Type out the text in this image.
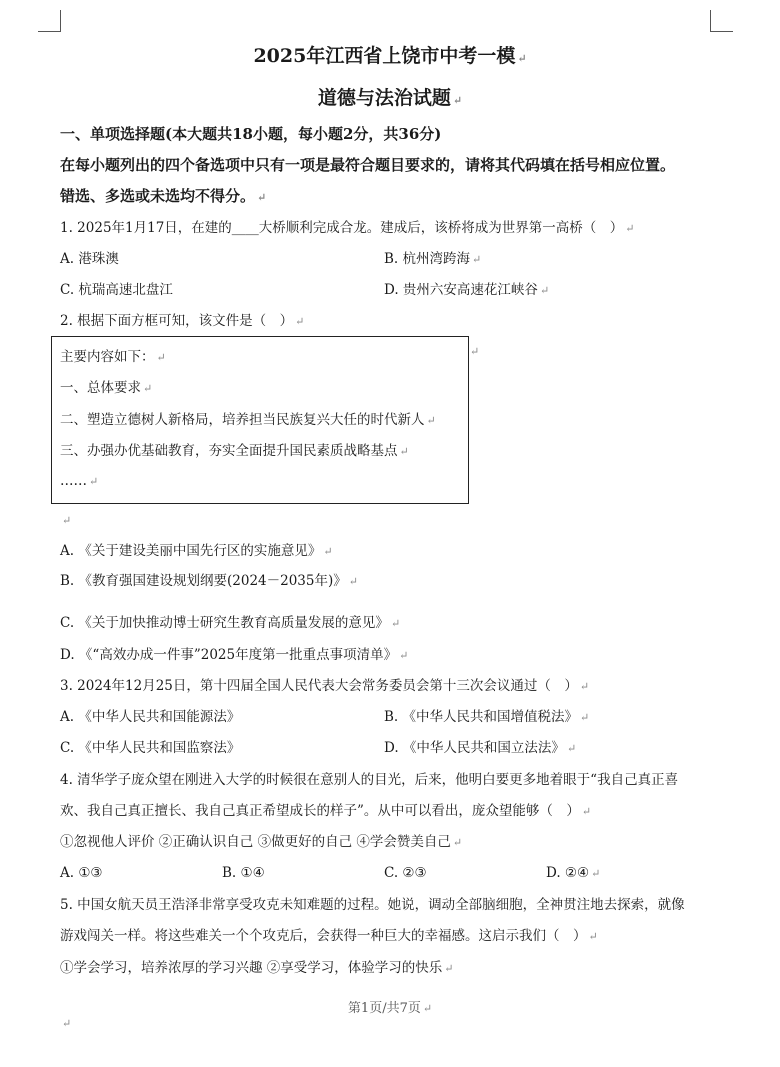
2025年江西省上饶市中考一模 ↵
道德与法治试题 ↵
一、单项选择题(本大题共18小题，每小题2分，共36分)
在每小题列出的四个备选项中只有一项是最符合题目要求的，请将其代码填在括号相应位置。
错选、多选或未选均不得分。 ↵
1. 2025年1月17日，在建的____大桥顺利完成合龙。建成后，该桥将成为世界第一高桥（　） ↵
A. 港珠澳	B. 杭州湾跨海 ↵
C. 杭瑞高速北盘江	D. 贵州六安高速花江峡谷 ↵
2. 根据下面方框可知，该文件是（　） ↵
主要内容如下： ↵
一、总体要求 ↵
二、塑造立德树人新格局，培养担当民族复兴大任的时代新人 ↵
三、办强办优基础教育，夯实全面提升国民素质战略基点 ↵
…… ↵
↵
↵
A. 《关于建设美丽中国先行区的实施意见》 ↵
B. 《教育强国建设规划纲要(2024－2035年)》 ↵
C. 《关于加快推动博士研究生教育高质量发展的意见》 ↵
D. 《“高效办成一件事”2025年度第一批重点事项清单》 ↵
3. 2024年12月25日，第十四届全国人民代表大会常务委员会第十三次会议通过（　） ↵
A. 《中华人民共和国能源法》	B. 《中华人民共和国增值税法》 ↵
C. 《中华人民共和国监察法》	D. 《中华人民共和国立法法》 ↵
4. 清华学子庞众望在刚进入大学的时候很在意别人的目光，后来，他明白要更多地着眼于“我自己真正喜
欢、我自己真正擅长、我自己真正希望成长的样子”。从中可以看出，庞众望能够（　） ↵
①忽视他人评价 ②正确认识自己 ③做更好的自己 ④学会赞美自己 ↵
A. ①③	B. ①④	C. ②③	D. ②④ ↵
5. 中国女航天员王浩泽非常享受攻克未知难题的过程。她说，调动全部脑细胞，全神贯注地去探索，就像
游戏闯关一样。将这些难关一个个攻克后，会获得一种巨大的幸福感。这启示我们（　） ↵
①学会学习，培养浓厚的学习兴趣 ②享受学习，体验学习的快乐 ↵
第1页/共7页 ↵
↵
